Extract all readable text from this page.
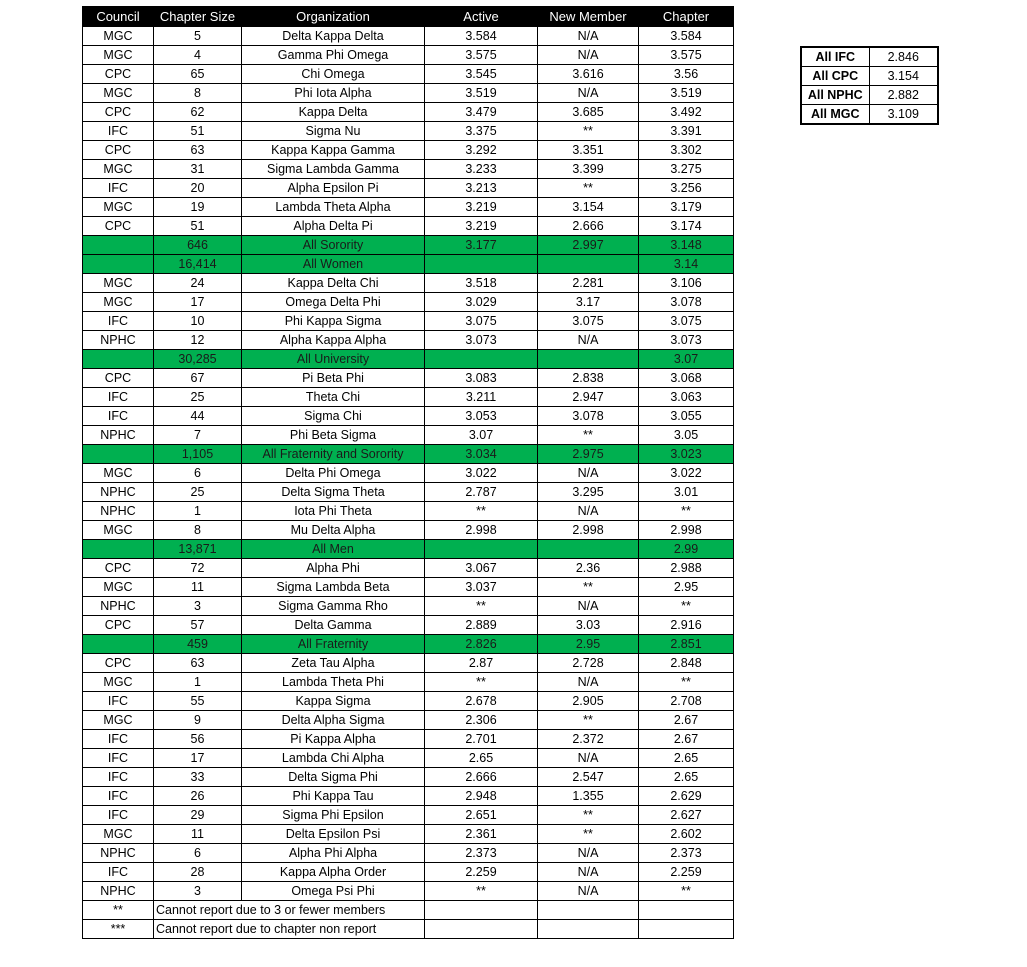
Council	Chapter Size	Organization	Active	New Member	Chapter
MGC	5	Delta Kappa Delta	3.584	N/A	3.584
MGC	4	Gamma Phi Omega	3.575	N/A	3.575
CPC	65	Chi Omega	3.545	3.616	3.56
MGC	8	Phi Iota Alpha	3.519	N/A	3.519
CPC	62	Kappa Delta	3.479	3.685	3.492
IFC	51	Sigma Nu	3.375	**	3.391
CPC	63	Kappa Kappa Gamma	3.292	3.351	3.302
MGC	31	Sigma Lambda Gamma	3.233	3.399	3.275
IFC	20	Alpha Epsilon Pi	3.213	**	3.256
MGC	19	Lambda Theta Alpha	3.219	3.154	3.179
CPC	51	Alpha Delta Pi	3.219	2.666	3.174
	646	All Sorority	3.177	2.997	3.148
	16,414	All Women			3.14
MGC	24	Kappa Delta Chi	3.518	2.281	3.106
MGC	17	Omega Delta Phi	3.029	3.17	3.078
IFC	10	Phi Kappa Sigma	3.075	3.075	3.075
NPHC	12	Alpha Kappa Alpha	3.073	N/A	3.073
	30,285	All University			3.07
CPC	67	Pi Beta Phi	3.083	2.838	3.068
IFC	25	Theta Chi	3.211	2.947	3.063
IFC	44	Sigma Chi	3.053	3.078	3.055
NPHC	7	Phi Beta Sigma	3.07	**	3.05
	1,105	All Fraternity and Sorority	3.034	2.975	3.023
MGC	6	Delta Phi Omega	3.022	N/A	3.022
NPHC	25	Delta Sigma Theta	2.787	3.295	3.01
NPHC	1	Iota Phi Theta	**	N/A	**
MGC	8	Mu Delta Alpha	2.998	2.998	2.998
	13,871	All Men			2.99
CPC	72	Alpha Phi	3.067	2.36	2.988
MGC	11	Sigma Lambda Beta	3.037	**	2.95
NPHC	3	Sigma Gamma Rho	**	N/A	**
CPC	57	Delta Gamma	2.889	3.03	2.916
	459	All Fraternity	2.826	2.95	2.851
CPC	63	Zeta Tau Alpha	2.87	2.728	2.848
MGC	1	Lambda Theta Phi	**	N/A	**
IFC	55	Kappa Sigma	2.678	2.905	2.708
MGC	9	Delta Alpha Sigma	2.306	**	2.67
IFC	56	Pi Kappa Alpha	2.701	2.372	2.67
IFC	17	Lambda Chi Alpha	2.65	N/A	2.65
IFC	33	Delta Sigma Phi	2.666	2.547	2.65
IFC	26	Phi Kappa Tau	2.948	1.355	2.629
IFC	29	Sigma Phi Epsilon	2.651	**	2.627
MGC	11	Delta Epsilon Psi	2.361	**	2.602
NPHC	6	Alpha Phi Alpha	2.373	N/A	2.373
IFC	28	Kappa Alpha Order	2.259	N/A	2.259
NPHC	3	Omega Psi Phi	**	N/A	**
**	Cannot report due to 3 or fewer members				
***	Cannot report due to chapter non report				
All IFC	2.846
All CPC	3.154
All NPHC	2.882
All MGC	3.109
